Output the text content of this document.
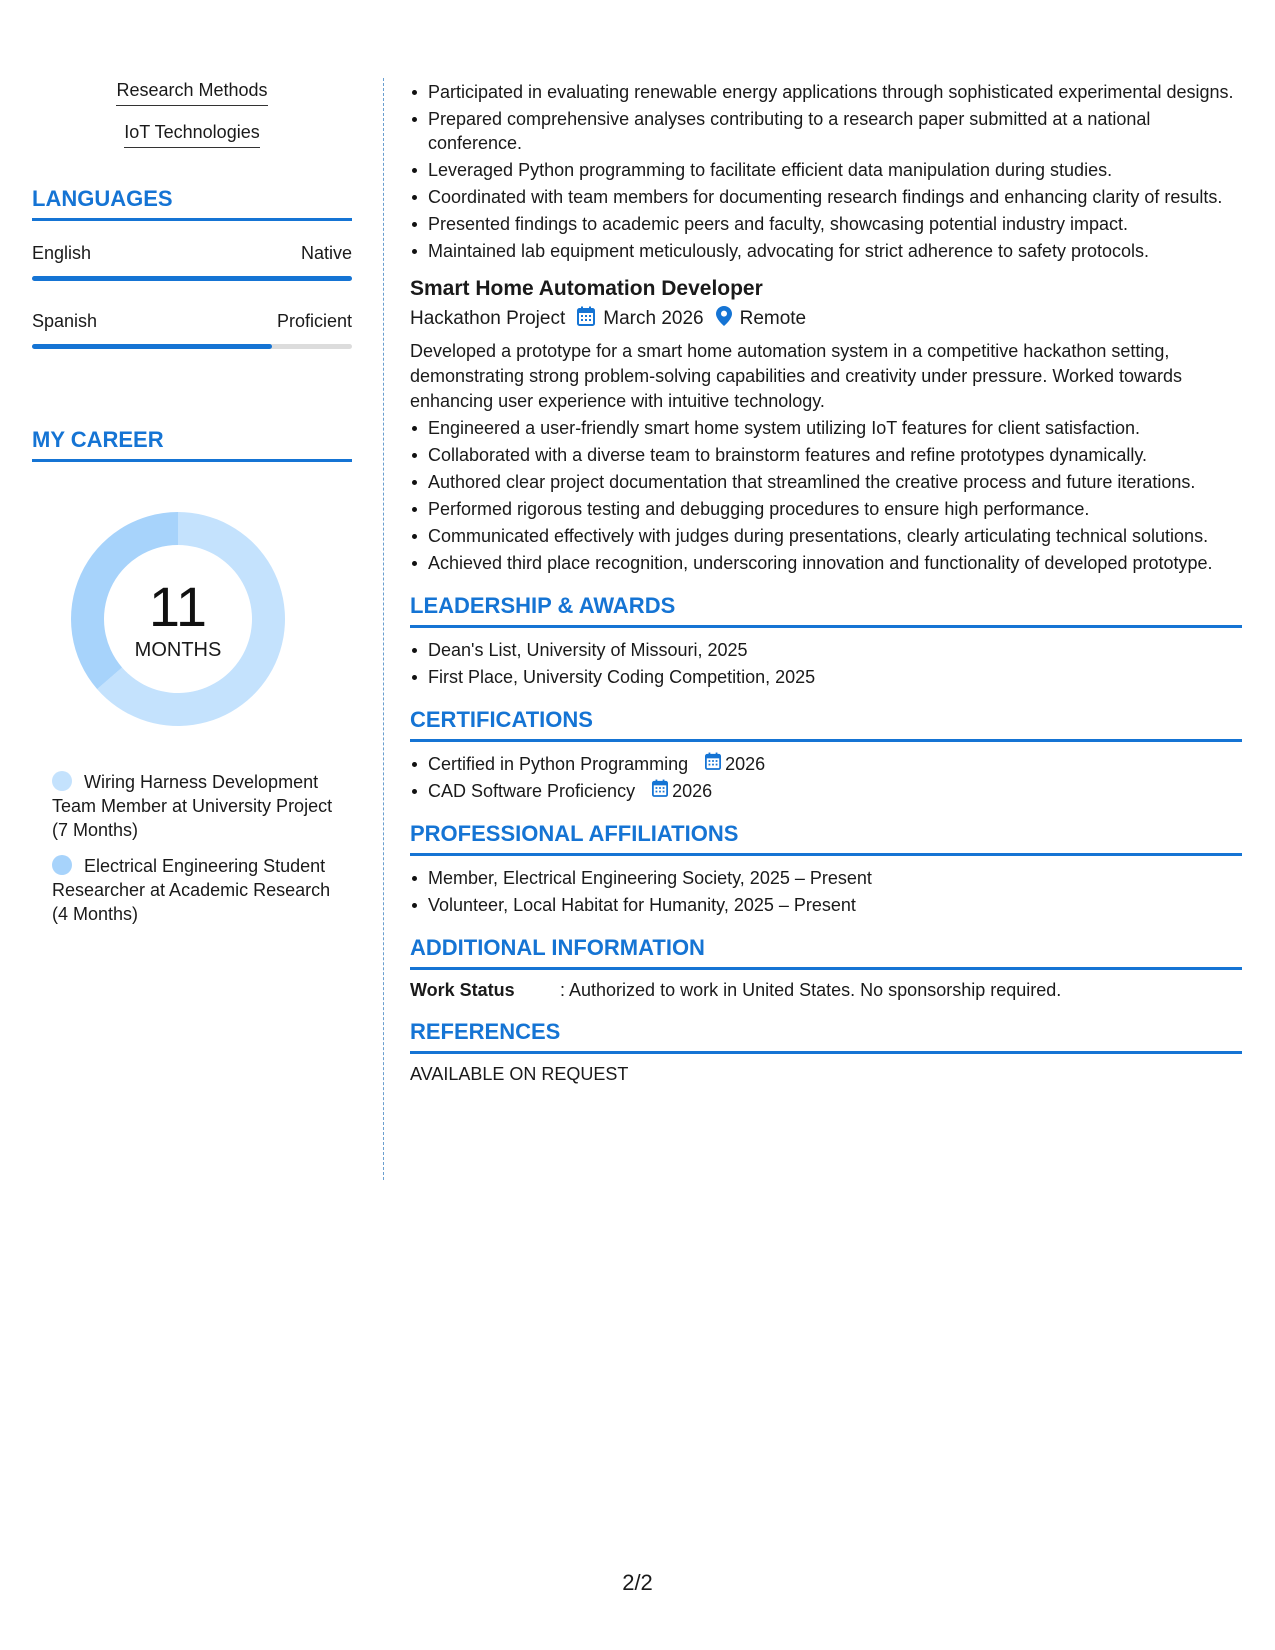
Research Methods
IoT Technologies
LANGUAGES
English	Native
Spanish	Proficient
MY CAREER
11
MONTHS
Wiring Harness Development Team Member at University Project (7 Months)
Electrical Engineering Student Researcher at Academic Research (4 Months)
Participated in evaluating renewable energy applications through sophisticated experimental designs.
Prepared comprehensive analyses contributing to a research paper submitted at a national conference.
Leveraged Python programming to facilitate efficient data manipulation during studies.
Coordinated with team members for documenting research findings and enhancing clarity of results.
Presented findings to academic peers and faculty, showcasing potential industry impact.
Maintained lab equipment meticulously, advocating for strict adherence to safety protocols.
Smart Home Automation Developer
Hackathon Project March 2026 Remote
Developed a prototype for a smart home automation system in a competitive hackathon setting, demonstrating strong problem-solving capabilities and creativity under pressure. Worked towards enhancing user experience with intuitive technology.
Engineered a user-friendly smart home system utilizing IoT features for client satisfaction.
Collaborated with a diverse team to brainstorm features and refine prototypes dynamically.
Authored clear project documentation that streamlined the creative process and future iterations.
Performed rigorous testing and debugging procedures to ensure high performance.
Communicated effectively with judges during presentations, clearly articulating technical solutions.
Achieved third place recognition, underscoring innovation and functionality of developed prototype.
LEADERSHIP & AWARDS
Dean's List, University of Missouri, 2025
First Place, University Coding Competition, 2025
CERTIFICATIONS
Certified in Python Programming 2026
CAD Software Proficiency 2026
PROFESSIONAL AFFILIATIONS
Member, Electrical Engineering Society, 2025 – Present
Volunteer, Local Habitat for Humanity, 2025 – Present
ADDITIONAL INFORMATION
Work Status	: Authorized to work in United States. No sponsorship required.
REFERENCES
AVAILABLE ON REQUEST
2/2
